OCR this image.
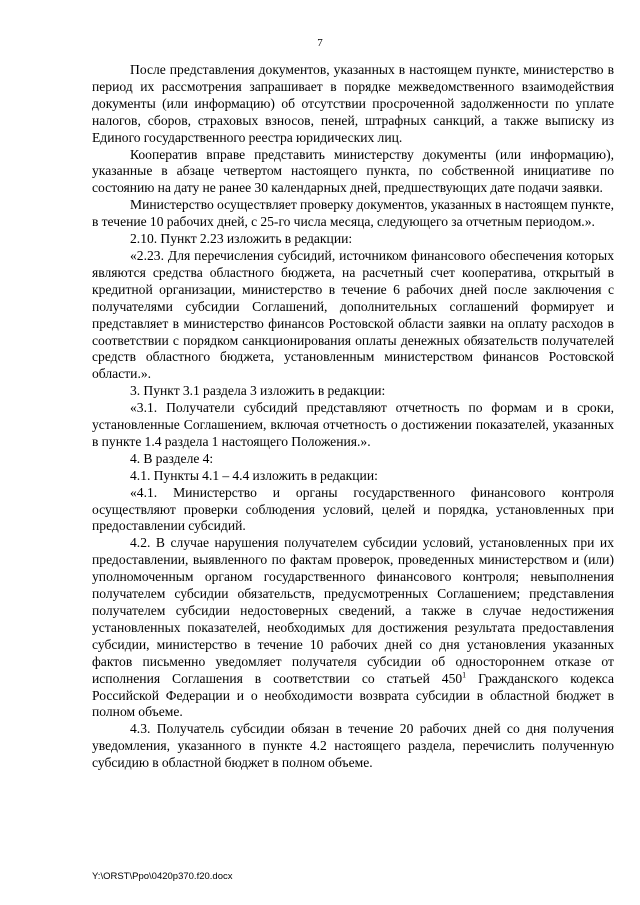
7

После представления документов, указанных в настоящем пункте, министерство в период их рассмотрения запрашивает в порядке межведомственного взаимодействия документы (или информацию) об отсутствии просроченной задолженности по уплате налогов, сборов, страховых взносов, пеней, штрафных санкций, а также выписку из Единого государственного реестра юридических лиц.

Кооператив вправе представить министерству документы (или информацию), указанные в абзаце четвертом настоящего пункта, по собственной инициативе по состоянию на дату не ранее 30 календарных дней, предшествующих дате подачи заявки.

Министерство осуществляет проверку документов, указанных в настоящем пункте, в течение 10 рабочих дней, с 25-го числа месяца, следующего за отчетным периодом.».

2.10. Пункт 2.23 изложить в редакции:

«2.23. Для перечисления субсидий, источником финансового обеспечения которых являются средства областного бюджета, на расчетный счет кооператива, открытый в кредитной организации, министерство в течение 6 рабочих дней после заключения с получателями субсидии Соглашений, дополнительных соглашений формирует и представляет в министерство финансов Ростовской области заявки на оплату расходов в соответствии с порядком санкционирования оплаты денежных обязательств получателей средств областного бюджета, установленным министерством финансов Ростовской области.».

3. Пункт 3.1 раздела 3 изложить в редакции:

«3.1. Получатели субсидий представляют отчетность по формам и в сроки, установленные Соглашением, включая отчетность о достижении показателей, указанных в пункте 1.4 раздела 1 настоящего Положения.».

4. В разделе 4:

4.1. Пункты 4.1 – 4.4 изложить в редакции:

«4.1. Министерство и органы государственного финансового контроля осуществляют проверки соблюдения условий, целей и порядка, установленных при предоставлении субсидий.

4.2. В случае нарушения получателем субсидии условий, установленных при их предоставлении, выявленного по фактам проверок, проведенных министерством и (или) уполномоченным органом государственного финансового контроля; невыполнения получателем субсидии обязательств, предусмотренных Соглашением; представления получателем субсидии недостоверных сведений, а также в случае недостижения установленных показателей, необходимых для достижения результата предоставления субсидии, министерство в течение 10 рабочих дней со дня установления указанных фактов письменно уведомляет получателя субсидии об одностороннем отказе от исполнения Соглашения в соответствии со статьей $450^1$ Гражданского кодекса Российской Федерации и о необходимости возврата субсидии в областной бюджет в полном объеме.

4.3. Получатель субсидии обязан в течение 20 рабочих дней со дня получения уведомления, указанного в пункте 4.2 настоящего раздела, перечислить полученную субсидию в областной бюджет в полном объеме.

Y:\ORST\Ppo\0420p370.f20.docx
